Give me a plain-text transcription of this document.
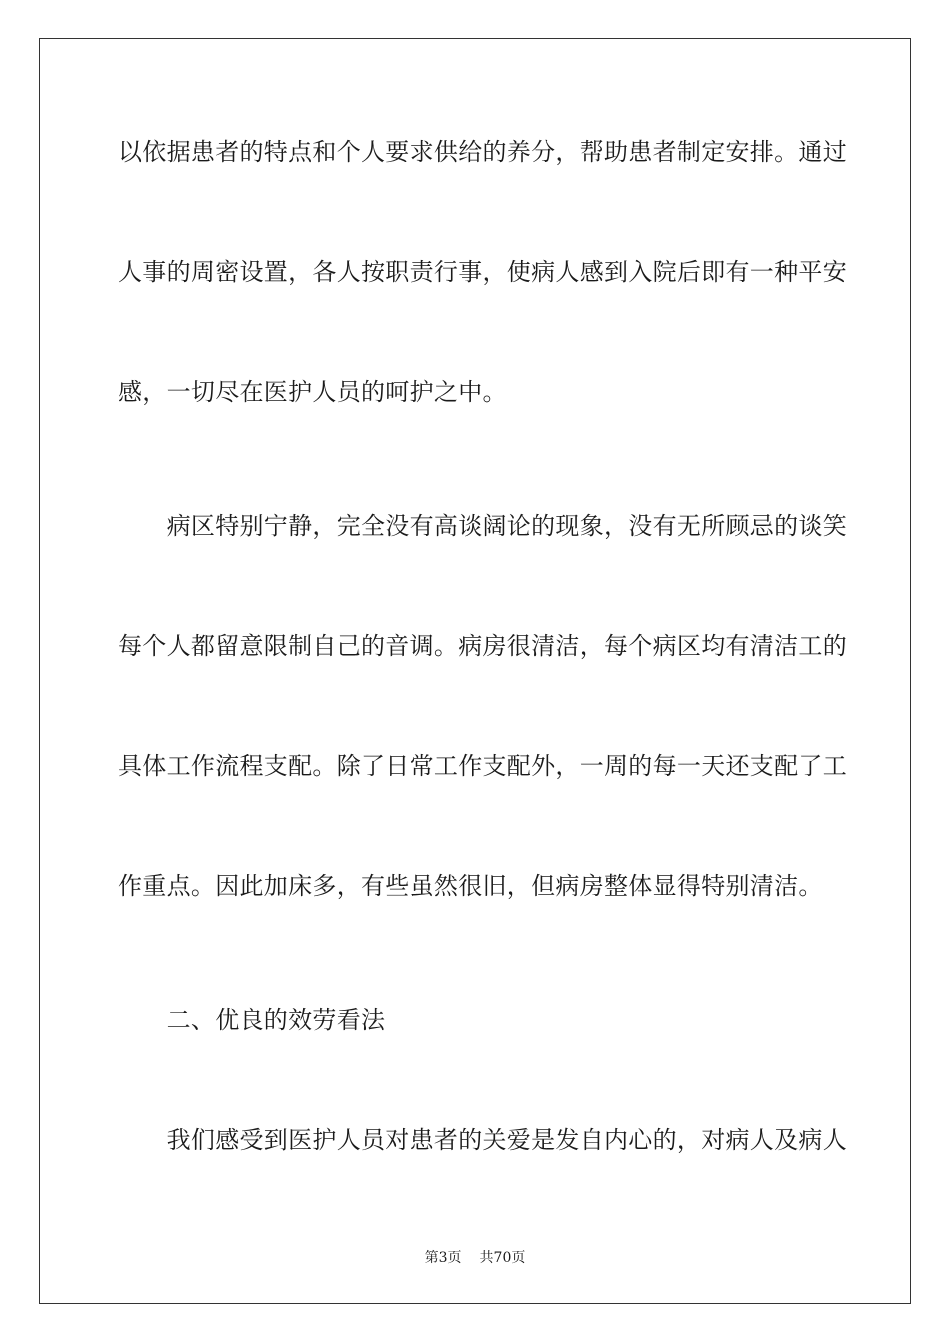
以依据患者的特点和个人要求供给的养分，帮助患者制定安排。通过
人事的周密设置，各人按职责行事，使病人感到入院后即有一种平安
感，一切尽在医护人员的呵护之中。
　　病区特别宁静，完全没有高谈阔论的现象，没有无所顾忌的谈笑
每个人都留意限制自己的音调。病房很清洁，每个病区均有清洁工的
具体工作流程支配。除了日常工作支配外，一周的每一天还支配了工
作重点。因此加床多，有些虽然很旧，但病房整体显得特别清洁。
　　二、优良的效劳看法
　　我们感受到医护人员对患者的关爱是发自内心的，对病人及病人
第3页 共70页
